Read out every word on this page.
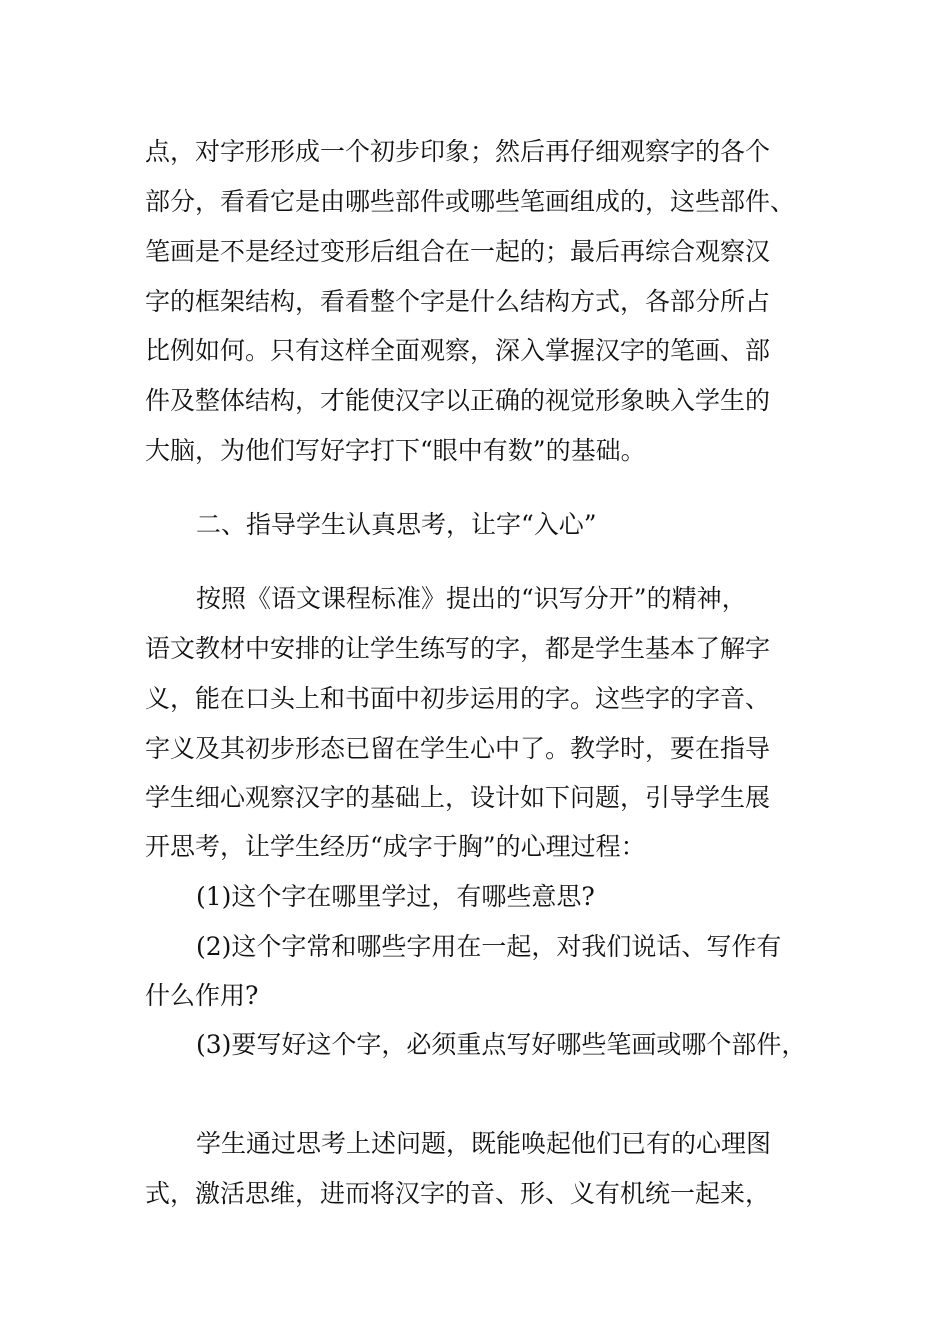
点，对字形形成一个初步印象；然后再仔细观察字的各个
部分，看看它是由哪些部件或哪些笔画组成的，这些部件、
笔画是不是经过变形后组合在一起的；最后再综合观察汉
字的框架结构，看看整个字是什么结构方式，各部分所占
比例如何。只有这样全面观察，深入掌握汉字的笔画、部
件及整体结构，才能使汉字以正确的视觉形象映入学生的
大脑，为他们写好字打下“眼中有数”的基础。
二、指导学生认真思考，让字“入心”
按照《语文课程标准》提出的“识写分开”的精神，
语文教材中安排的让学生练写的字，都是学生基本了解字
义，能在口头上和书面中初步运用的字。这些字的字音、
字义及其初步形态已留在学生心中了。教学时，要在指导
学生细心观察汉字的基础上，设计如下问题，引导学生展
开思考，让学生经历“成字于胸”的心理过程：
(1)这个字在哪里学过，有哪些意思?
(2)这个字常和哪些字用在一起，对我们说话、写作有
什么作用?
(3)要写好这个字，必须重点写好哪些笔画或哪个部件，
学生通过思考上述问题，既能唤起他们已有的心理图
式，激活思维，进而将汉字的音、形、义有机统一起来，
